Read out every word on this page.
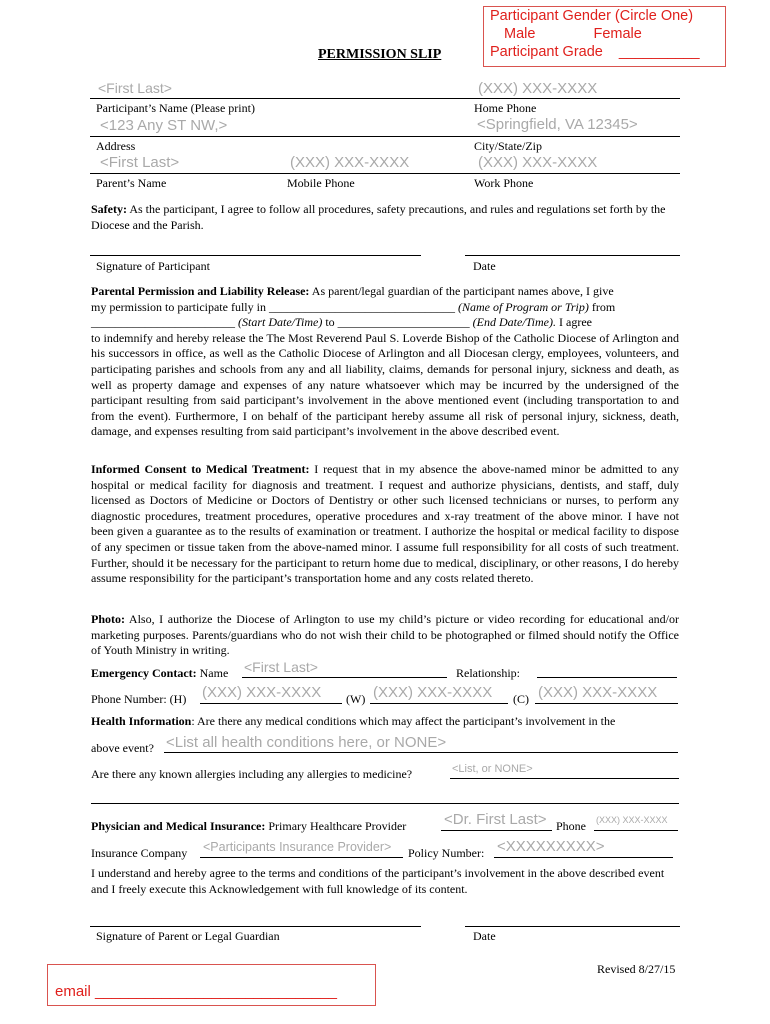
Participant Gender (Circle One)
Male	Female
Participant Grade __________
PERMISSION SLIP
<First Last>	(XXX) XXX-XXXX
Participant’s Name (Please print)	Home Phone
<123 Any ST NW,>	<Springfield, VA 12345>
Address	City/State/Zip
<First Last>	(XXX) XXX-XXXX	(XXX) XXX-XXXX
Parent’s Name	Mobile Phone	Work Phone
Safety: As the participant, I agree to follow all procedures, safety precautions, and rules and regulations set forth by the Diocese and the Parish.
Signature of Participant	Date
Parental Permission and Liability Release: As parent/legal guardian of the participant names above, I give
my permission to participate fully in _______________________________ (Name of Program or Trip) from
________________________ (Start Date/Time) to ______________________ (End Date/Time). I agree
to indemnify and hereby release the The Most Reverend Paul S. Loverde Bishop of the Catholic Diocese of Arlington and his successors in office, as well as the Catholic Diocese of Arlington and all Diocesan clergy, employees, volunteers, and participating parishes and schools from any and all liability, claims, demands for personal injury, sickness and death, as well as property damage and expenses of any nature whatsoever which may be incurred by the undersigned of the participant resulting from said participant’s involvement in the above mentioned event (including transportation to and from the event). Furthermore, I on behalf of the participant hereby assume all risk of personal injury, sickness, death, damage, and expenses resulting from said participant’s involvement in the above described event.
Informed Consent to Medical Treatment: I request that in my absence the above-named minor be admitted to any hospital or medical facility for diagnosis and treatment. I request and authorize physicians, dentists, and staff, duly licensed as Doctors of Medicine or Doctors of Dentistry or other such licensed technicians or nurses, to perform any diagnostic procedures, treatment procedures, operative procedures and x-ray treatment of the above minor. I have not been given a guarantee as to the results of examination or treatment. I authorize the hospital or medical facility to dispose of any specimen or tissue taken from the above-named minor. I assume full responsibility for all costs of such treatment. Further, should it be necessary for the participant to return home due to medical, disciplinary, or other reasons, I do hereby assume responsibility for the participant’s transportation home and any costs related thereto.
Photo: Also, I authorize the Diocese of Arlington to use my child’s picture or video recording for educational and/or marketing purposes. Parents/guardians who do not wish their child to be photographed or filmed should notify the Office of Youth Ministry in writing.
Emergency Contact: Name <First Last>	Relationship:
Phone Number: (H) (XXX) XXX-XXXX (W) (XXX) XXX-XXXX (C) (XXX) XXX-XXXX
Health Information: Are there any medical conditions which may affect the participant’s involvement in the
above event? <List all health conditions here, or NONE>
Are there any known allergies including any allergies to medicine?	<List, or NONE>
Physician and Medical Insurance: Primary Healthcare Provider	<Dr. First Last> Phone (XXX) XXX-XXXX
Insurance Company <Participants Insurance Provider> Policy Number: <XXXXXXXXX>
I understand and hereby agree to the terms and conditions of the participant’s involvement in the above described event and I freely execute this Acknowledgement with full knowledge of its content.
Signature of Parent or Legal Guardian	Date
Revised 8/27/15
email _____________________________
